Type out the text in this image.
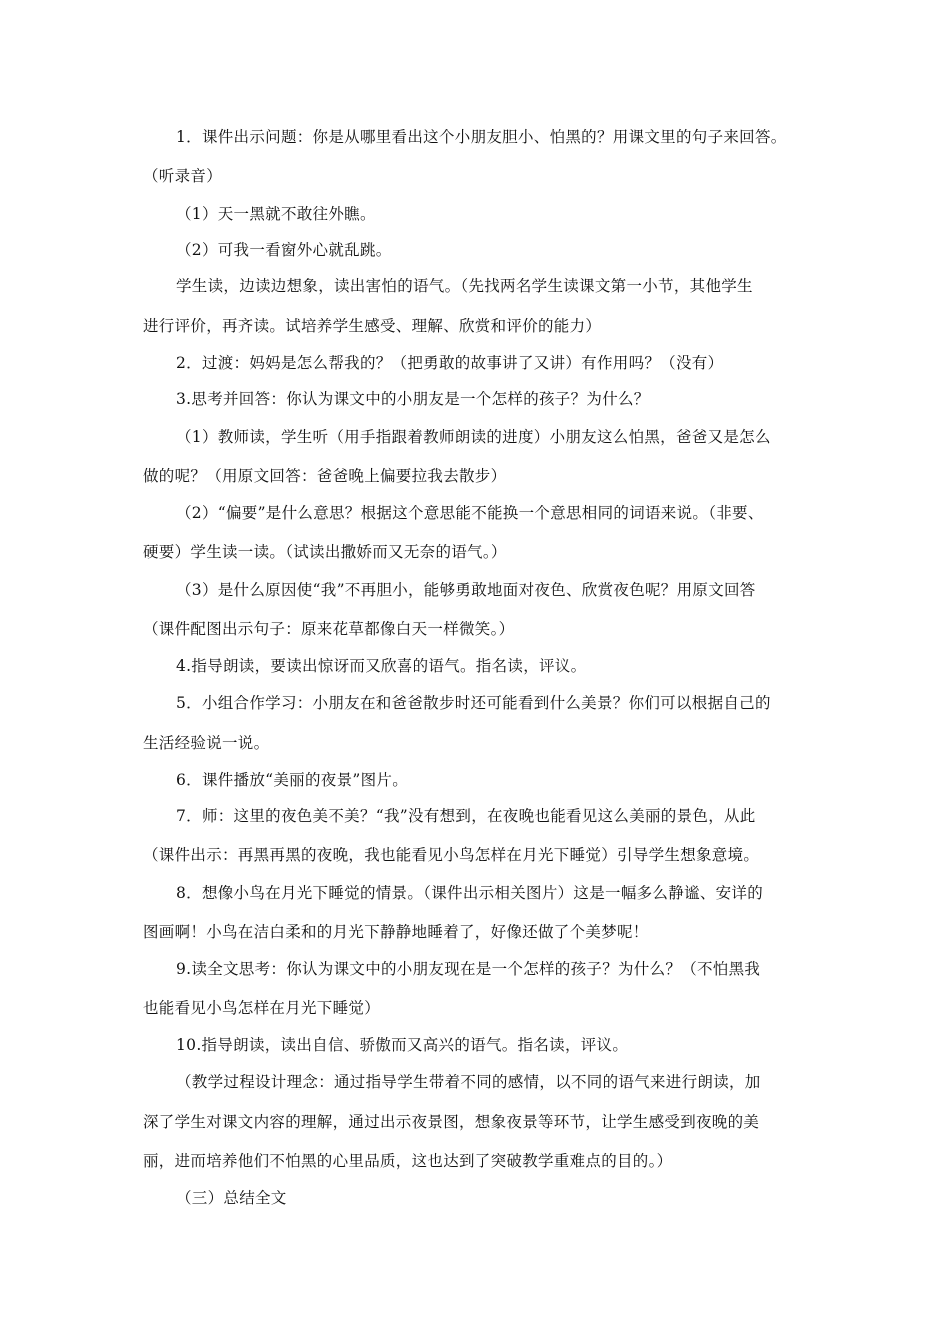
1．课件出示问题：你是从哪里看出这个小朋友胆小、怕黑的？用课文里的句子来回答。
（听录音）
（1）天一黑就不敢往外瞧。
（2）可我一看窗外心就乱跳。
学生读，边读边想象，读出害怕的语气。（先找两名学生读课文第一小节，其他学生
进行评价，再齐读。试培养学生感受、理解、欣赏和评价的能力）
2．过渡：妈妈是怎么帮我的？（把勇敢的故事讲了又讲）有作用吗？（没有）
3.思考并回答：你认为课文中的小朋友是一个怎样的孩子？为什么？
（1）教师读，学生听（用手指跟着教师朗读的进度）小朋友这么怕黑，爸爸又是怎么
做的呢？（用原文回答：爸爸晚上偏要拉我去散步）
（2）“偏要”是什么意思？根据这个意思能不能换一个意思相同的词语来说。（非要、
硬要）学生读一读。（试读出撒娇而又无奈的语气。）
（3）是什么原因使“我”不再胆小，能够勇敢地面对夜色、欣赏夜色呢？用原文回答
（课件配图出示句子：原来花草都像白天一样微笑。）
4.指导朗读，要读出惊讶而又欣喜的语气。指名读，评议。
5．小组合作学习：小朋友在和爸爸散步时还可能看到什么美景？你们可以根据自己的
生活经验说一说。
6．课件播放“美丽的夜景”图片。
7．师：这里的夜色美不美？“我”没有想到，在夜晚也能看见这么美丽的景色，从此
（课件出示：再黑再黑的夜晚，我也能看见小鸟怎样在月光下睡觉）引导学生想象意境。
8．想像小鸟在月光下睡觉的情景。（课件出示相关图片）这是一幅多么静谧、安详的
图画啊！小鸟在洁白柔和的月光下静静地睡着了，好像还做了个美梦呢！
9.读全文思考：你认为课文中的小朋友现在是一个怎样的孩子？为什么？（不怕黑我
也能看见小鸟怎样在月光下睡觉）
10.指导朗读，读出自信、骄傲而又高兴的语气。指名读，评议。
（教学过程设计理念：通过指导学生带着不同的感情，以不同的语气来进行朗读，加
深了学生对课文内容的理解，通过出示夜景图，想象夜景等环节，让学生感受到夜晚的美
丽，进而培养他们不怕黑的心里品质，这也达到了突破教学重难点的目的。）
（三）总结全文
